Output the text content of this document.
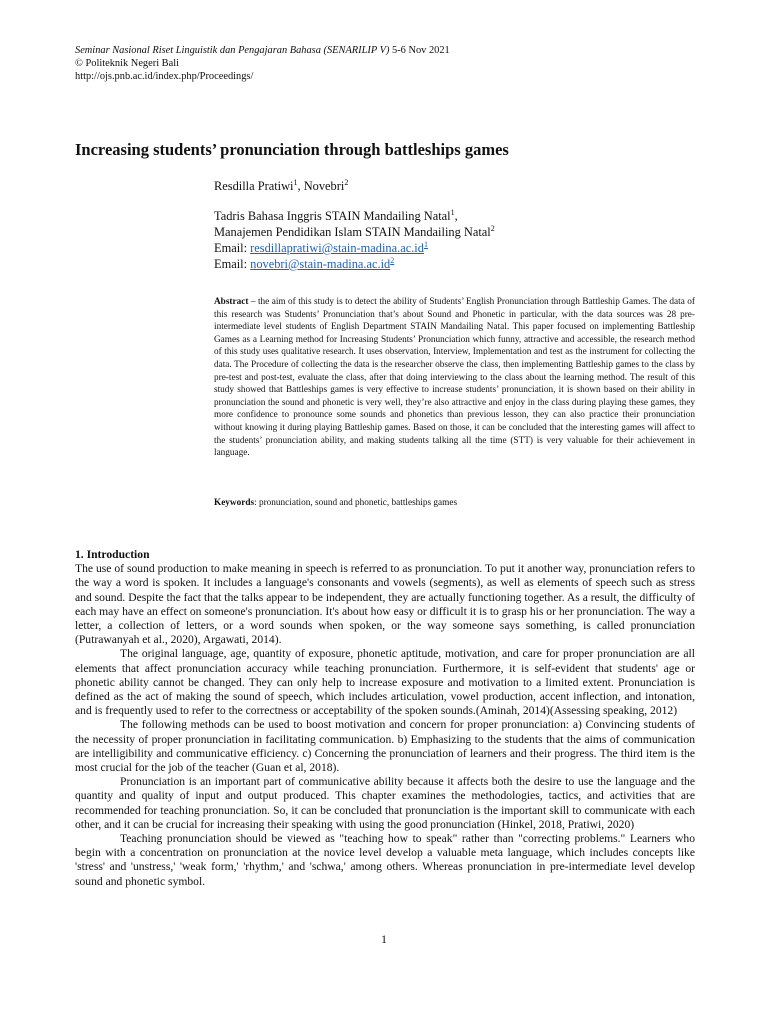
Seminar Nasional Riset Linguistik dan Pengajaran Bahasa (SENARILIP V) 5-6 Nov 2021
© Politeknik Negeri Bali
http://ojs.pnb.ac.id/index.php/Proceedings/
Increasing students’ pronunciation through battleships games
Resdilla Pratiwi$^1$, Novebri$^2$
Tadris Bahasa Inggris STAIN Mandailing Natal$^1$,
Manajemen Pendidikan Islam STAIN Mandailing Natal$^2$
Email: $resdillapratiwi@stain-madina.ac.id^1$
Email: $novebri@stain-madina.ac.id^2$

Abstract – the aim of this study is to detect the ability of Students’ English Pronunciation through Battleship Games. The data of this research was Students’ Pronunciation that’s about Sound and Phonetic in particular, with the data sources was 28 pre-intermediate level students of English Department STAIN Mandailing Natal. This paper focused on implementing Battleship Games as a Learning method for Increasing Students’ Pronunciation which funny, attractive and accessible, the research method of this study uses qualitative research. It uses observation, Interview, Implementation and test as the instrument for collecting the data. The Procedure of collecting the data is the researcher observe the class, then implementing Battleship games to the class by pre-test and post-test, evaluate the class, after that doing interviewing to the class about the learning method. The result of this study showed that Battleships games is very effective to increase students’ pronunciation, it is shown based on their ability in pronunciation the sound and phonetic is very well, they’re also attractive and enjoy in the class during playing these games, they more confidence to pronounce some sounds and phonetics than previous lesson, they can also practice their pronunciation without knowing it during playing Battleship games. Based on those, it can be concluded that the interesting games will affect to the students’ pronunciation ability, and making students talking all the time (STT) is very valuable for their achievement in language.

Keywords: pronunciation, sound and phonetic, battleships games

1. Introduction

The use of sound production to make meaning in speech is referred to as pronunciation. To put it another way, pronunciation refers to the way a word is spoken. It includes a language's consonants and vowels (segments), as well as elements of speech such as stress and sound. Despite the fact that the talks appear to be independent, they are actually functioning together. As a result, the difficulty of each may have an effect on someone's pronunciation. It's about how easy or difficult it is to grasp his or her pronunciation. The way a letter, a collection of letters, or a word sounds when spoken, or the way someone says something, is called pronunciation (Putrawanyah et al., 2020), Argawati, 2014).

The original language, age, quantity of exposure, phonetic aptitude, motivation, and care for proper pronunciation are all elements that affect pronunciation accuracy while teaching pronunciation. Furthermore, it is self-evident that students' age or phonetic ability cannot be changed. They can only help to increase exposure and motivation to a limited extent. Pronunciation is defined as the act of making the sound of speech, which includes articulation, vowel production, accent inflection, and intonation, and is frequently used to refer to the correctness or acceptability of the spoken sounds.(Aminah, 2014)(Assessing speaking, 2012)

The following methods can be used to boost motivation and concern for proper pronunciation: a) Convincing students of the necessity of proper pronunciation in facilitating communication. b) Emphasizing to the students that the aims of communication are intelligibility and communicative efficiency. c) Concerning the pronunciation of learners and their progress. The third item is the most crucial for the job of the teacher (Guan et al, 2018).

Pronunciation is an important part of communicative ability because it affects both the desire to use the language and the quantity and quality of input and output produced. This chapter examines the methodologies, tactics, and activities that are recommended for teaching pronunciation. So, it can be concluded that pronunciation is the important skill to communicate with each other, and it can be crucial for increasing their speaking with using the good pronunciation (Hinkel, 2018, Pratiwi, 2020)

Teaching pronunciation should be viewed as "teaching how to speak" rather than "correcting problems." Learners who begin with a concentration on pronunciation at the novice level develop a valuable meta language, which includes concepts like 'stress' and 'unstress,' 'weak form,' 'rhythm,' and 'schwa,' among others. Whereas pronunciation in pre-intermediate level develop sound and phonetic symbol.

1
